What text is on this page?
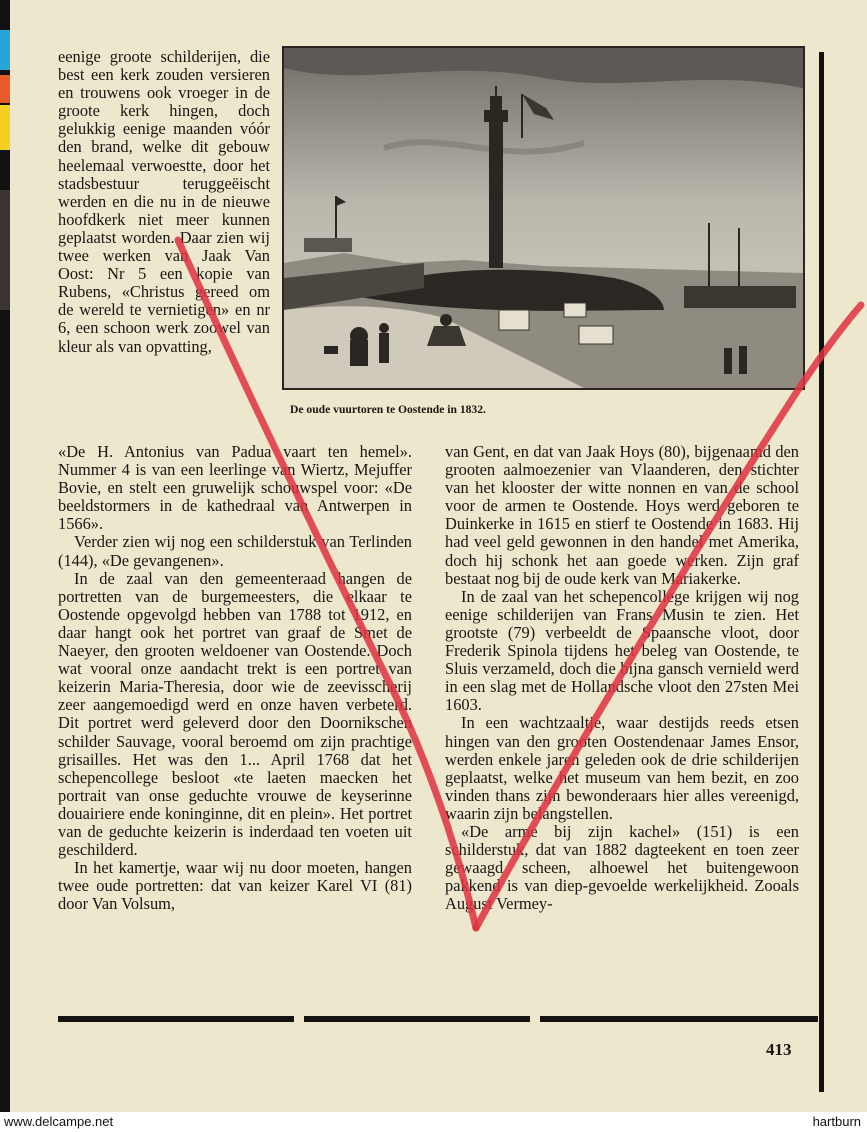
eenige groote schilderijen, die best een kerk zouden versieren en trouwens ook vroeger in de groote kerk hingen, doch gelukkig eenige maanden vóór den brand, welke dit gebouw heelemaal verwoestte, door het stadsbestuur teruggeëischt werden en die nu in de nieuwe hoofdkerk niet meer kunnen geplaatst worden. Daar zien wij twee werken van Jaak Van Oost: Nr 5 een kopie van Rubens, «Christus gereed om de wereld te vernietigen» en nr 6, een schoon werk zoowel van kleur als van opvatting,

De oude vuurtoren te Oostende in 1832.

«De H. Antonius van Padua vaart ten hemel». Nummer 4 is van een leerlinge van Wiertz, Mejuffer Bovie, en stelt een gruwelijk schouwspel voor: «De beeldstormers in de kathedraal van Antwerpen in 1566».

Verder zien wij nog een schilderstuk van Terlinden (144), «De gevangenen».

In de zaal van den gemeenteraad hangen de portretten van de burgemeesters, die elkaar te Oostende opgevolgd hebben van 1788 tot 1912, en daar hangt ook het portret van graaf de Smet de Naeyer, den grooten weldoener van Oostende. Doch wat vooral onze aandacht trekt is een portret van keizerin Maria-Theresia, door wie de zeevisscherij zeer aangemoedigd werd en onze haven verbeterd. Dit portret werd geleverd door den Doornikschen schilder Sauvage, vooral beroemd om zijn prachtige grisailles. Het was den 1... April 1768 dat het schepencollege besloot «te laeten maecken het portrait van onse geduchte vrouwe de keyserinne douairiere ende koninginne, dit en plein». Het portret van de geduchte keizerin is inderdaad ten voeten uit geschilderd.

In het kamertje, waar wij nu door moeten, hangen twee oude portretten: dat van keizer Karel VI (81) door Van Volsum,

van Gent, en dat van Jaak Hoys (80), bijgenaamd den grooten aalmoezenier van Vlaanderen, den stichter van het klooster der witte nonnen en van de school voor de armen te Oostende. Hoys werd geboren te Duinkerke in 1615 en stierf te Oostende in 1683. Hij had veel geld gewonnen in den handel met Amerika, doch hij schonk het aan goede werken. Zijn graf bestaat nog bij de oude kerk van Mariakerke.

In de zaal van het schepencollege krijgen wij nog eenige schilderijen van Frans Musin te zien. Het grootste (79) verbeeldt de Spaansche vloot, door Frederik Spinola tijdens het beleg van Oostende, te Sluis verzameld, doch die bijna gansch vernield werd in een slag met de Hollandsche vloot den 27sten Mei 1603.

In een wachtzaaltje, waar destijds reeds etsen hingen van den grooten Oostendenaar James Ensor, werden enkele jaren geleden ook de drie schilderijen geplaatst, welke het museum van hem bezit, en zoo vinden thans zijn bewonderaars hier alles vereenigd, waarin zijn belangstellen.

«De arme bij zijn kachel» (151) is een schilderstuk, dat van 1882 dagteekent en toen zeer gewaagd scheen, alhoewel het buitengewoon pakkend is van diep-gevoelde werkelijkheid. Zooals August Vermey-

413
www.delcampe.net	hartburn
